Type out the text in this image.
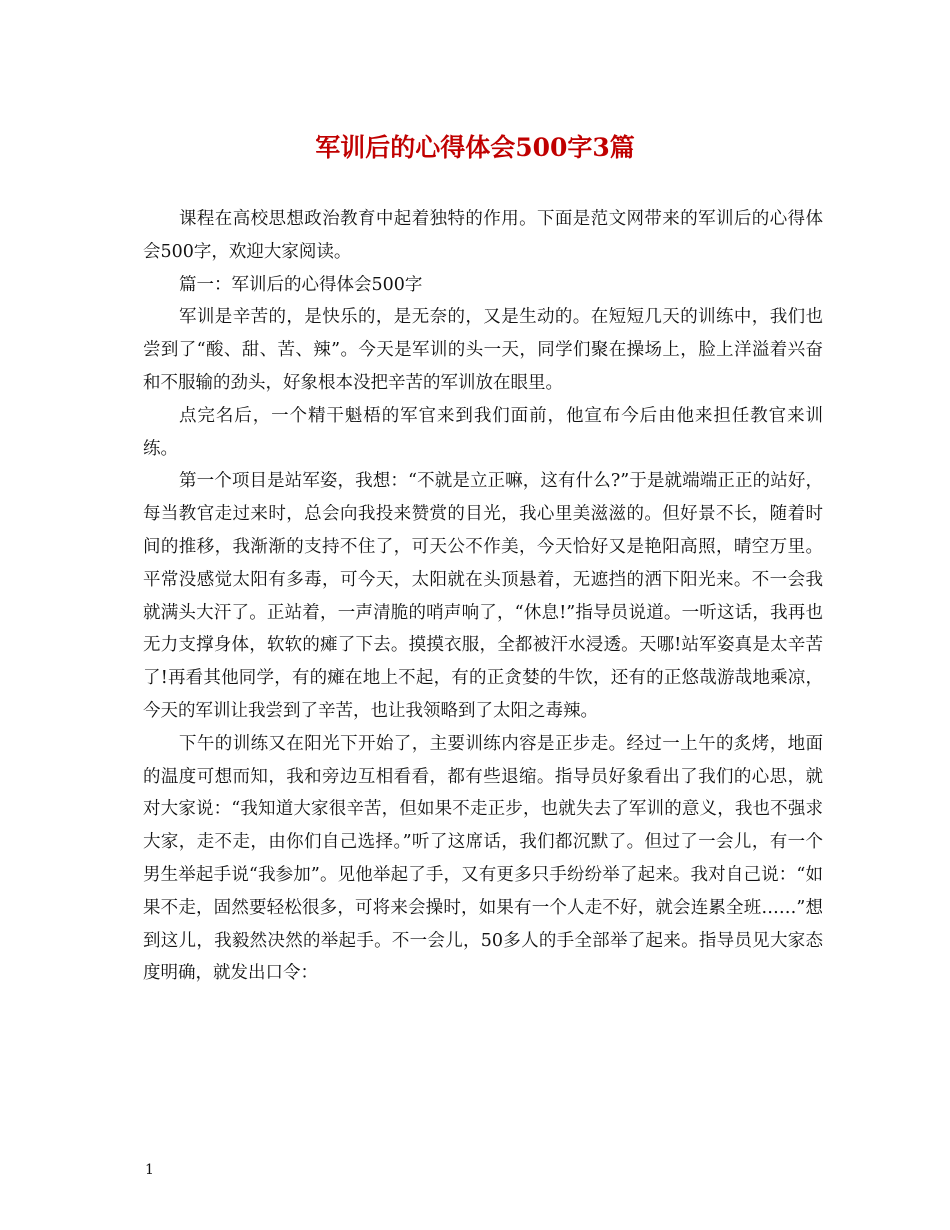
军训后的心得体会500字3篇

课程在高校思想政治教育中起着独特的作用。下面是范文网带来的军训后的心得体会500字，欢迎大家阅读。

篇一：军训后的心得体会500字

军训是辛苦的，是快乐的，是无奈的，又是生动的。在短短几天的训练中，我们也尝到了“酸、甜、苦、辣”。今天是军训的头一天，同学们聚在操场上，脸上洋溢着兴奋和不服输的劲头，好象根本没把辛苦的军训放在眼里。

点完名后，一个精干魁梧的军官来到我们面前，他宣布今后由他来担任教官来训练。

第一个项目是站军姿，我想：“不就是立正嘛，这有什么?”于是就端端正正的站好，每当教官走过来时，总会向我投来赞赏的目光，我心里美滋滋的。但好景不长，随着时间的推移，我渐渐的支持不住了，可天公不作美，今天恰好又是艳阳高照，晴空万里。平常没感觉太阳有多毒，可今天，太阳就在头顶悬着，无遮挡的洒下阳光来。不一会我就满头大汗了。正站着，一声清脆的哨声响了，“休息!”指导员说道。一听这话，我再也无力支撑身体，软软的瘫了下去。摸摸衣服，全都被汗水浸透。天哪!站军姿真是太辛苦了!再看其他同学，有的瘫在地上不起，有的正贪婪的牛饮，还有的正悠哉游哉地乘凉，今天的军训让我尝到了辛苦，也让我领略到了太阳之毒辣。

下午的训练又在阳光下开始了，主要训练内容是正步走。经过一上午的炙烤，地面的温度可想而知，我和旁边互相看看，都有些退缩。指导员好象看出了我们的心思，就对大家说：“我知道大家很辛苦，但如果不走正步，也就失去了军训的意义，我也不强求大家，走不走，由你们自己选择。”听了这席话，我们都沉默了。但过了一会儿，有一个男生举起手说“我参加”。见他举起了手，又有更多只手纷纷举了起来。我对自己说：“如果不走，固然要轻松很多，可将来会操时，如果有一个人走不好，就会连累全班……”想到这儿，我毅然决然的举起手。不一会儿，50多人的手全部举了起来。指导员见大家态度明确，就发出口令：

1
